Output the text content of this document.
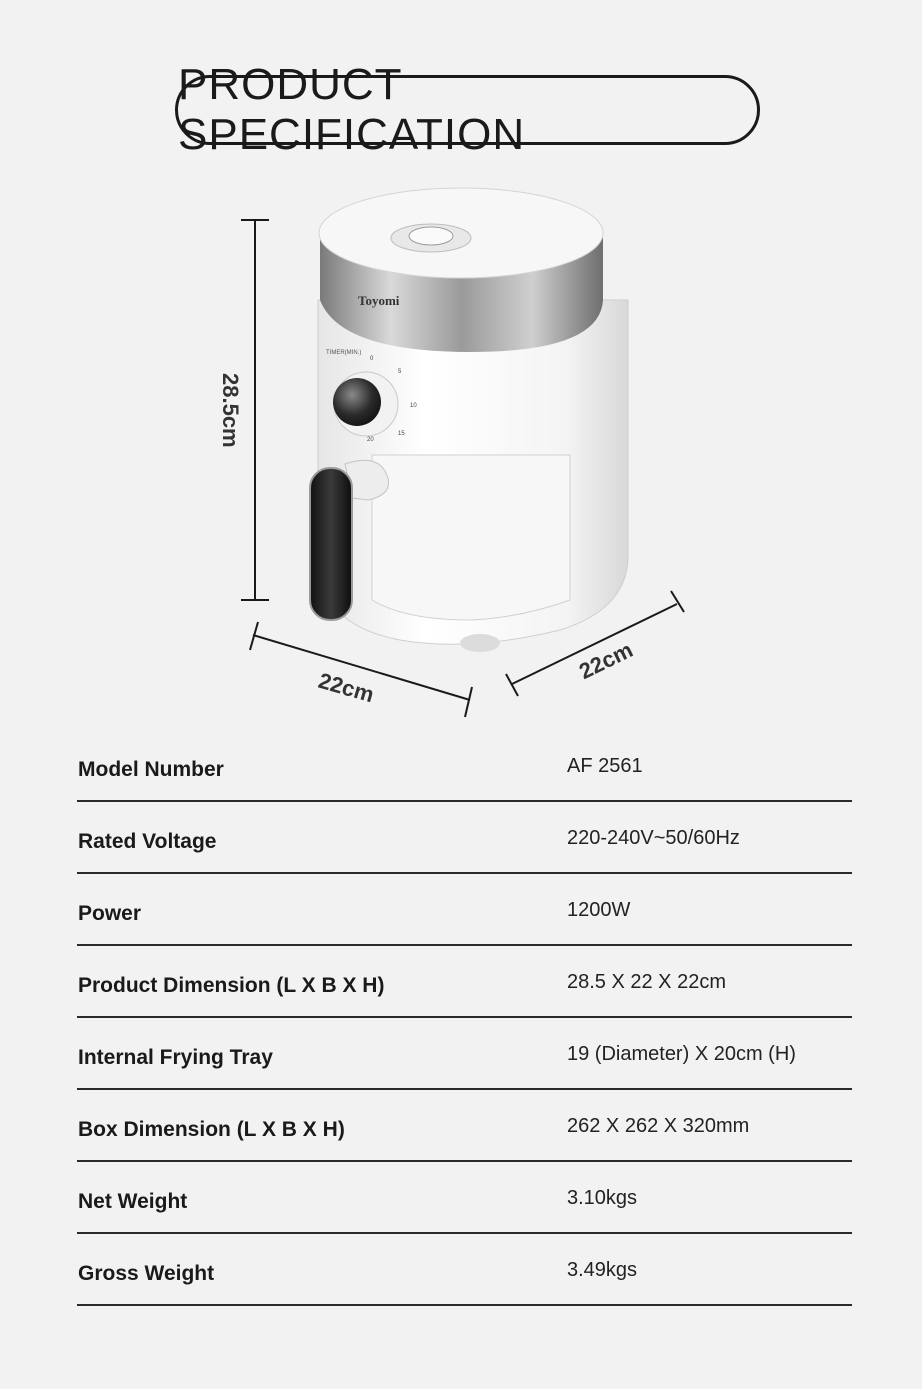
PRODUCT SPECIFICATION
Toyomi
TIMER(MIN.)
0
5
10
15
20
28.5cm
22cm
22cm
Model Number	AF 2561
Rated Voltage	220-240V~50/60Hz
Power	1200W
Product Dimension (L X B X H)	28.5 X 22 X 22cm
Internal Frying Tray	19 (Diameter) X 20cm (H)
Box Dimension (L X B X H)	262 X 262 X 320mm
Net Weight	3.10kgs
Gross Weight	3.49kgs
